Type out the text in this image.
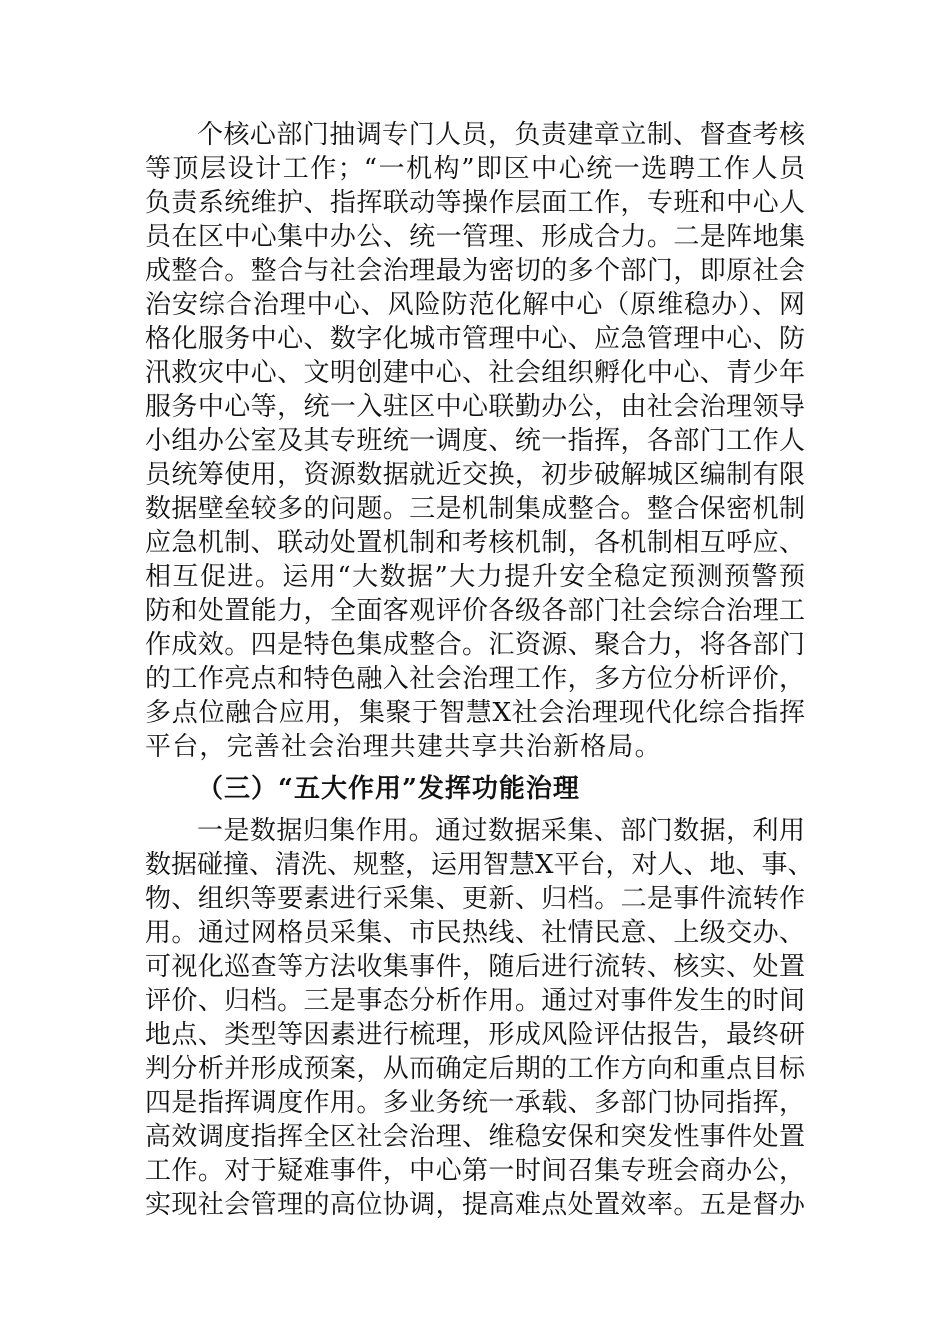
个核心部门抽调专门人员，负责建章立制、督查考核
等顶层设计工作；“一机构”即区中心统一选聘工作人员
负责系统维护、指挥联动等操作层面工作，专班和中心人
员在区中心集中办公、统一管理、形成合力。二是阵地集
成整合。整合与社会治理最为密切的多个部门，即原社会
治安综合治理中心、风险防范化解中心（原维稳办）、网
格化服务中心、数字化城市管理中心、应急管理中心、防
汛救灾中心、文明创建中心、社会组织孵化中心、青少年
服务中心等，统一入驻区中心联勤办公，由社会治理领导
小组办公室及其专班统一调度、统一指挥，各部门工作人
员统筹使用，资源数据就近交换，初步破解城区编制有限
数据壁垒较多的问题。三是机制集成整合。整合保密机制
应急机制、联动处置机制和考核机制，各机制相互呼应、
相互促进。运用“大数据”大力提升安全稳定预测预警预
防和处置能力，全面客观评价各级各部门社会综合治理工
作成效。四是特色集成整合。汇资源、聚合力，将各部门
的工作亮点和特色融入社会治理工作，多方位分析评价，
多点位融合应用，集聚于智慧X社会治理现代化综合指挥
平台，完善社会治理共建共享共治新格局。
（三）“五大作用”发挥功能治理
一是数据归集作用。通过数据采集、部门数据，利用
数据碰撞、清洗、规整，运用智慧X平台，对人、地、事、
物、组织等要素进行采集、更新、归档。二是事件流转作
用。通过网格员采集、市民热线、社情民意、上级交办、
可视化巡查等方法收集事件，随后进行流转、核实、处置
评价、归档。三是事态分析作用。通过对事件发生的时间
地点、类型等因素进行梳理，形成风险评估报告，最终研
判分析并形成预案，从而确定后期的工作方向和重点目标
四是指挥调度作用。多业务统一承载、多部门协同指挥，
高效调度指挥全区社会治理、维稳安保和突发性事件处置
工作。对于疑难事件，中心第一时间召集专班会商办公，
实现社会管理的高位协调，提高难点处置效率。五是督办
